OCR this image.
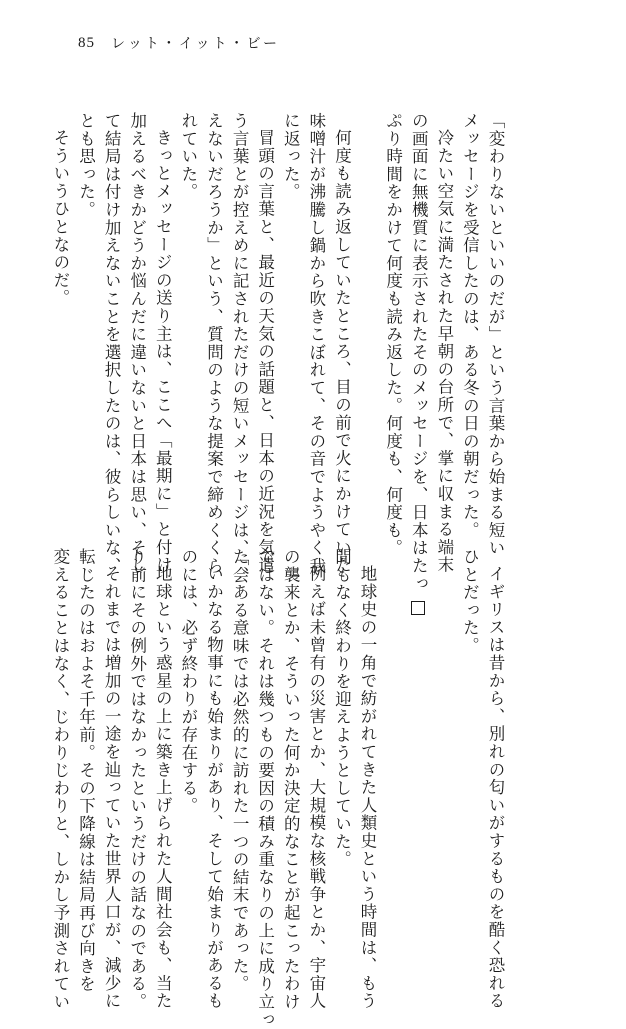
85 レット・イット・ビー
「変わりないといいのだが」という言葉から始まる短い
メッセージを受信したのは、ある冬の日の朝だった。
冷たい空気に満たされた早朝の台所で、掌に収まる端末
の画面に無機質に表示されたそのメッセージを、日本はたっ
ぷり時間をかけて何度も読み返した。何度も、何度も。

何度も読み返していたところ、目の前で火にかけていた
味噌汁が沸騰し鍋から吹きこぼれて、その音でようやく我
に返った。
冒頭の言葉と、最近の天気の話題と、日本の近況を気遣
う言葉とが控えめに記されただけの短いメッセージは、「会
えないだろうか」という、質問のような提案で締めくくら
れていた。
きっとメッセージの送り主は、ここへ「最期に」と付け
加えるべきかどうか悩んだに違いないと日本は思い、そし
て結局は付け加えないことを選択したのは、彼らしいな、
とも思った。
そういうひとなのだ。
イギリスは昔から、別れの匂いがするものを酷く恐れる
ひとだった。

地球史の一角で紡がれてきた人類史という時間は、もう
間もなく終わりを迎えようとしていた。
例えば未曾有の災害とか、大規模な核戦争とか、宇宙人
の襲来とか、そういった何か決定的なことが起こったわけ
ではない。それは幾つもの要因の積み重なりの上に成り立っ
た、ある意味では必然的に訪れた一つの結末であった。
いかなる物事にも始まりがあり、そして始まりがあるも
のには、必ず終わりが存在する。
地球という惑星の上に築き上げられた人間社会も、当た
り前にその例外ではなかったというだけの話なのである。
それまでは増加の一途を辿っていた世界人口が、減少に
転じたのはおよそ千年前。その下降線は結局再び向きを
変えることはなく、じわりじわりと、しかし予測されてい
